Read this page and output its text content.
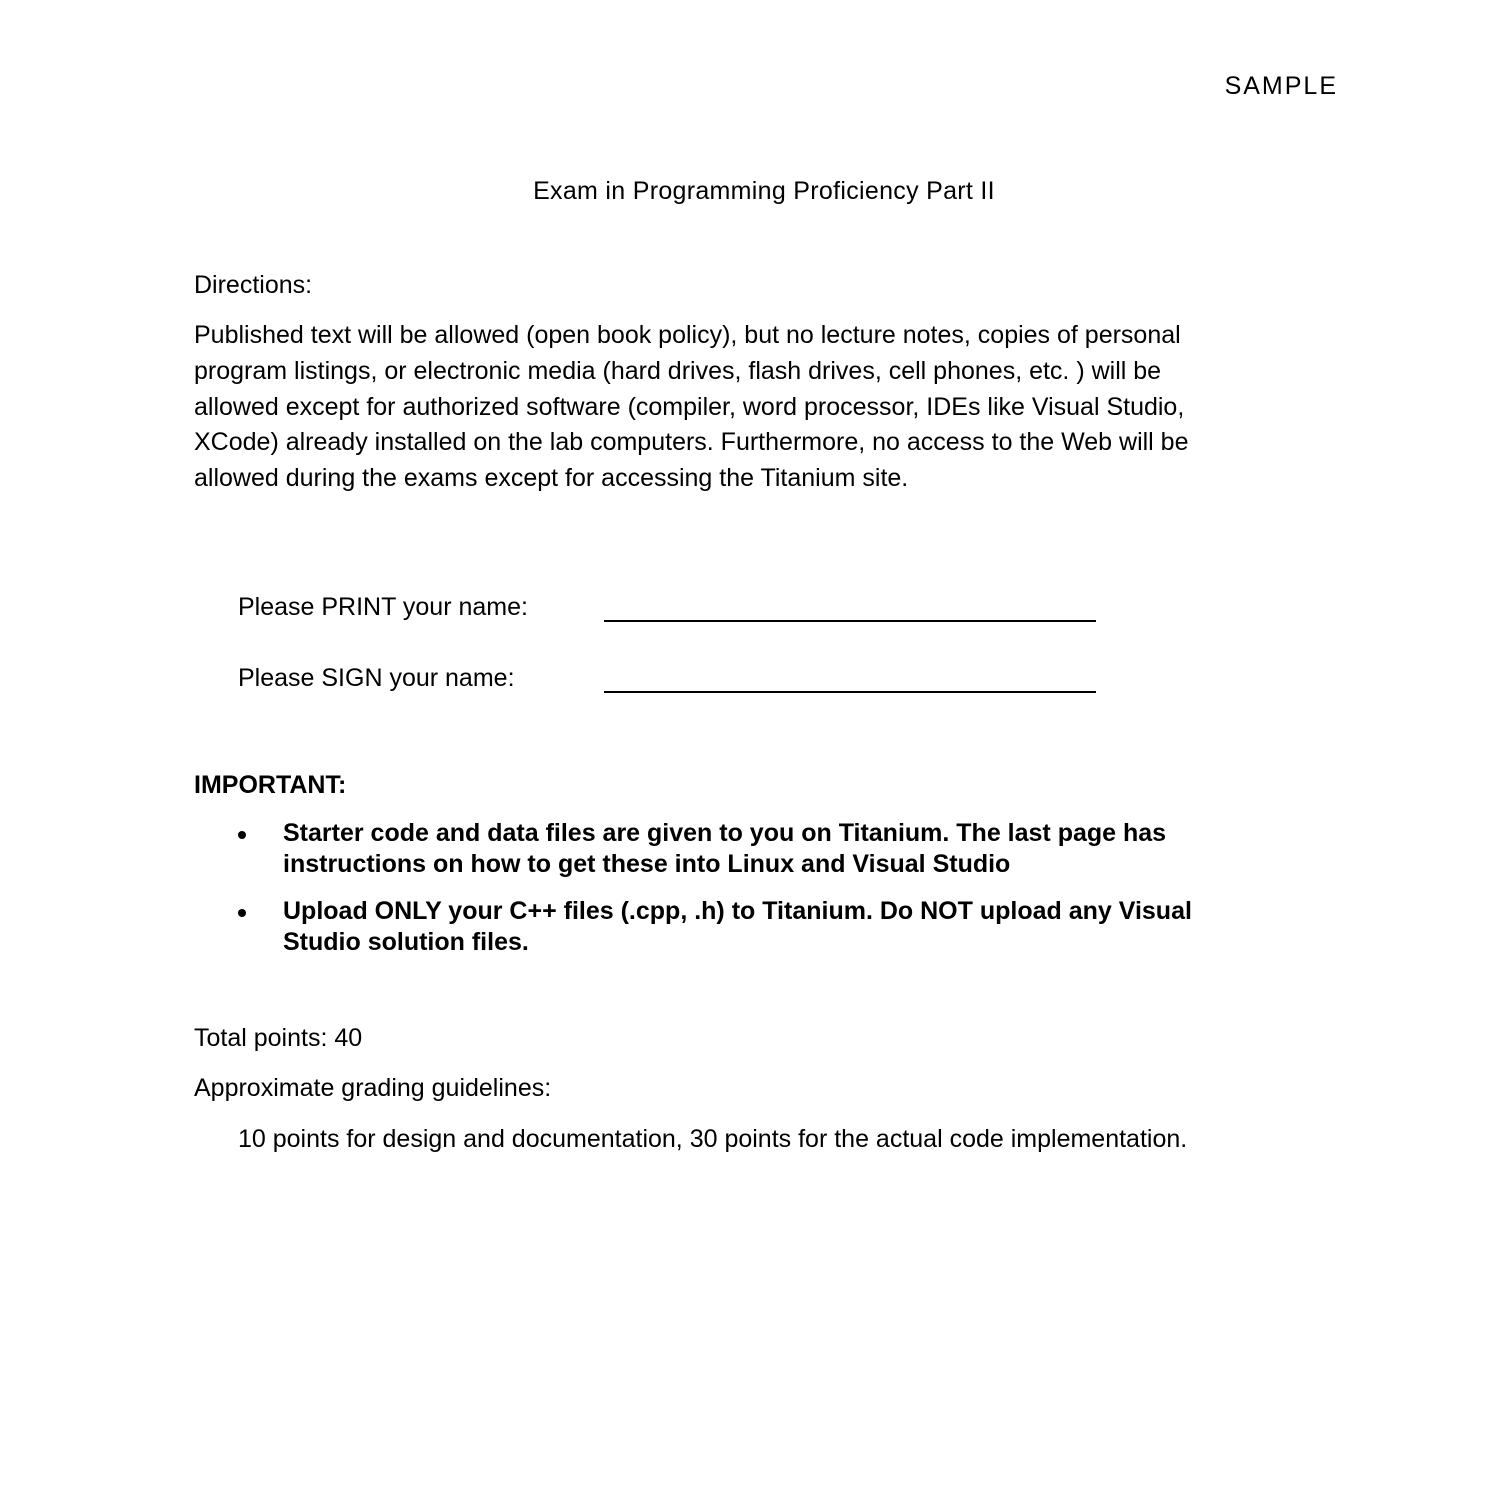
SAMPLE
Exam in Programming Proficiency Part II
Directions:
Published text will be allowed (open book policy), but no lecture notes, copies of personal
program listings, or electronic media (hard drives, flash drives, cell phones, etc. ) will be
allowed except for authorized software (compiler, word processor, IDEs like Visual Studio,
XCode) already installed on the lab computers. Furthermore, no access to the Web will be
allowed during the exams except for accessing the Titanium site.
Please PRINT your name:
Please SIGN your name:
IMPORTANT:
Starter code and data files are given to you on Titanium. The last page has
instructions on how to get these into Linux and Visual Studio
Upload ONLY your C++ files (.cpp, .h) to Titanium. Do NOT upload any Visual
Studio solution files.
Total points: 40
Approximate grading guidelines:
10 points for design and documentation, 30 points for the actual code implementation.
